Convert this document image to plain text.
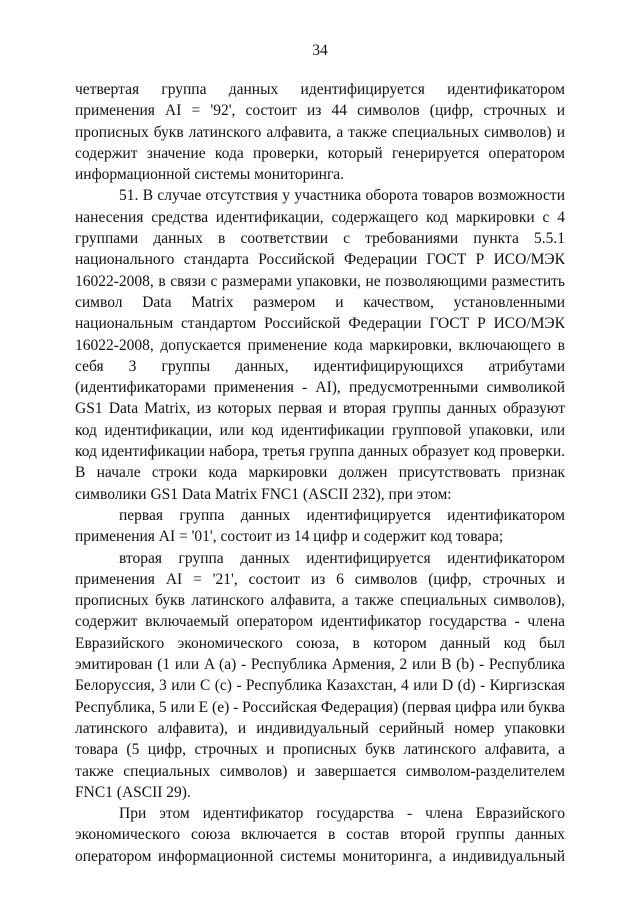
34

четвертая группа данных идентифицируется идентификатором применения AI = '92', состоит из 44 символов (цифр, строчных и прописных букв латинского алфавита, а также специальных символов) и содержит значение кода проверки, который генерируется оператором информационной системы мониторинга.

51. В случае отсутствия у участника оборота товаров возможности нанесения средства идентификации, содержащего код маркировки с 4 группами данных в соответствии с требованиями пункта 5.5.1 национального стандарта Российской Федерации ГОСТ Р ИСО/МЭК 16022-2008, в связи с размерами упаковки, не позволяющими разместить символ Data Matrix размером и качеством, установленными национальным стандартом Российской Федерации ГОСТ Р ИСО/МЭК 16022-2008, допускается применение кода маркировки, включающего в себя 3 группы данных, идентифицирующихся атрибутами (идентификаторами применения - AI), предусмотренными символикой GS1 Data Matrix, из которых первая и вторая группы данных образуют код идентификации, или код идентификации групповой упаковки, или код идентификации набора, третья группа данных образует код проверки. В начале строки кода маркировки должен присутствовать признак символики GS1 Data Matrix FNC1 (ASCII 232), при этом:

первая группа данных идентифицируется идентификатором применения AI = '01', состоит из 14 цифр и содержит код товара;

вторая группа данных идентифицируется идентификатором применения AI = '21', состоит из 6 символов (цифр, строчных и прописных букв латинского алфавита, а также специальных символов), содержит включаемый оператором идентификатор государства - члена Евразийского экономического союза, в котором данный код был эмитирован (1 или A (a) - Республика Армения, 2 или B (b) - Республика Белоруссия, 3 или C (c) - Республика Казахстан, 4 или D (d) - Киргизская Республика, 5 или E (e) - Российская Федерация) (первая цифра или буква латинского алфавита), и индивидуальный серийный номер упаковки товара (5 цифр, строчных и прописных букв латинского алфавита, а также специальных символов) и завершается символом-разделителем FNC1 (ASCII 29).

При этом идентификатор государства - члена Евразийского экономического союза включается в состав второй группы данных оператором информационной системы мониторинга, а индивидуальный
